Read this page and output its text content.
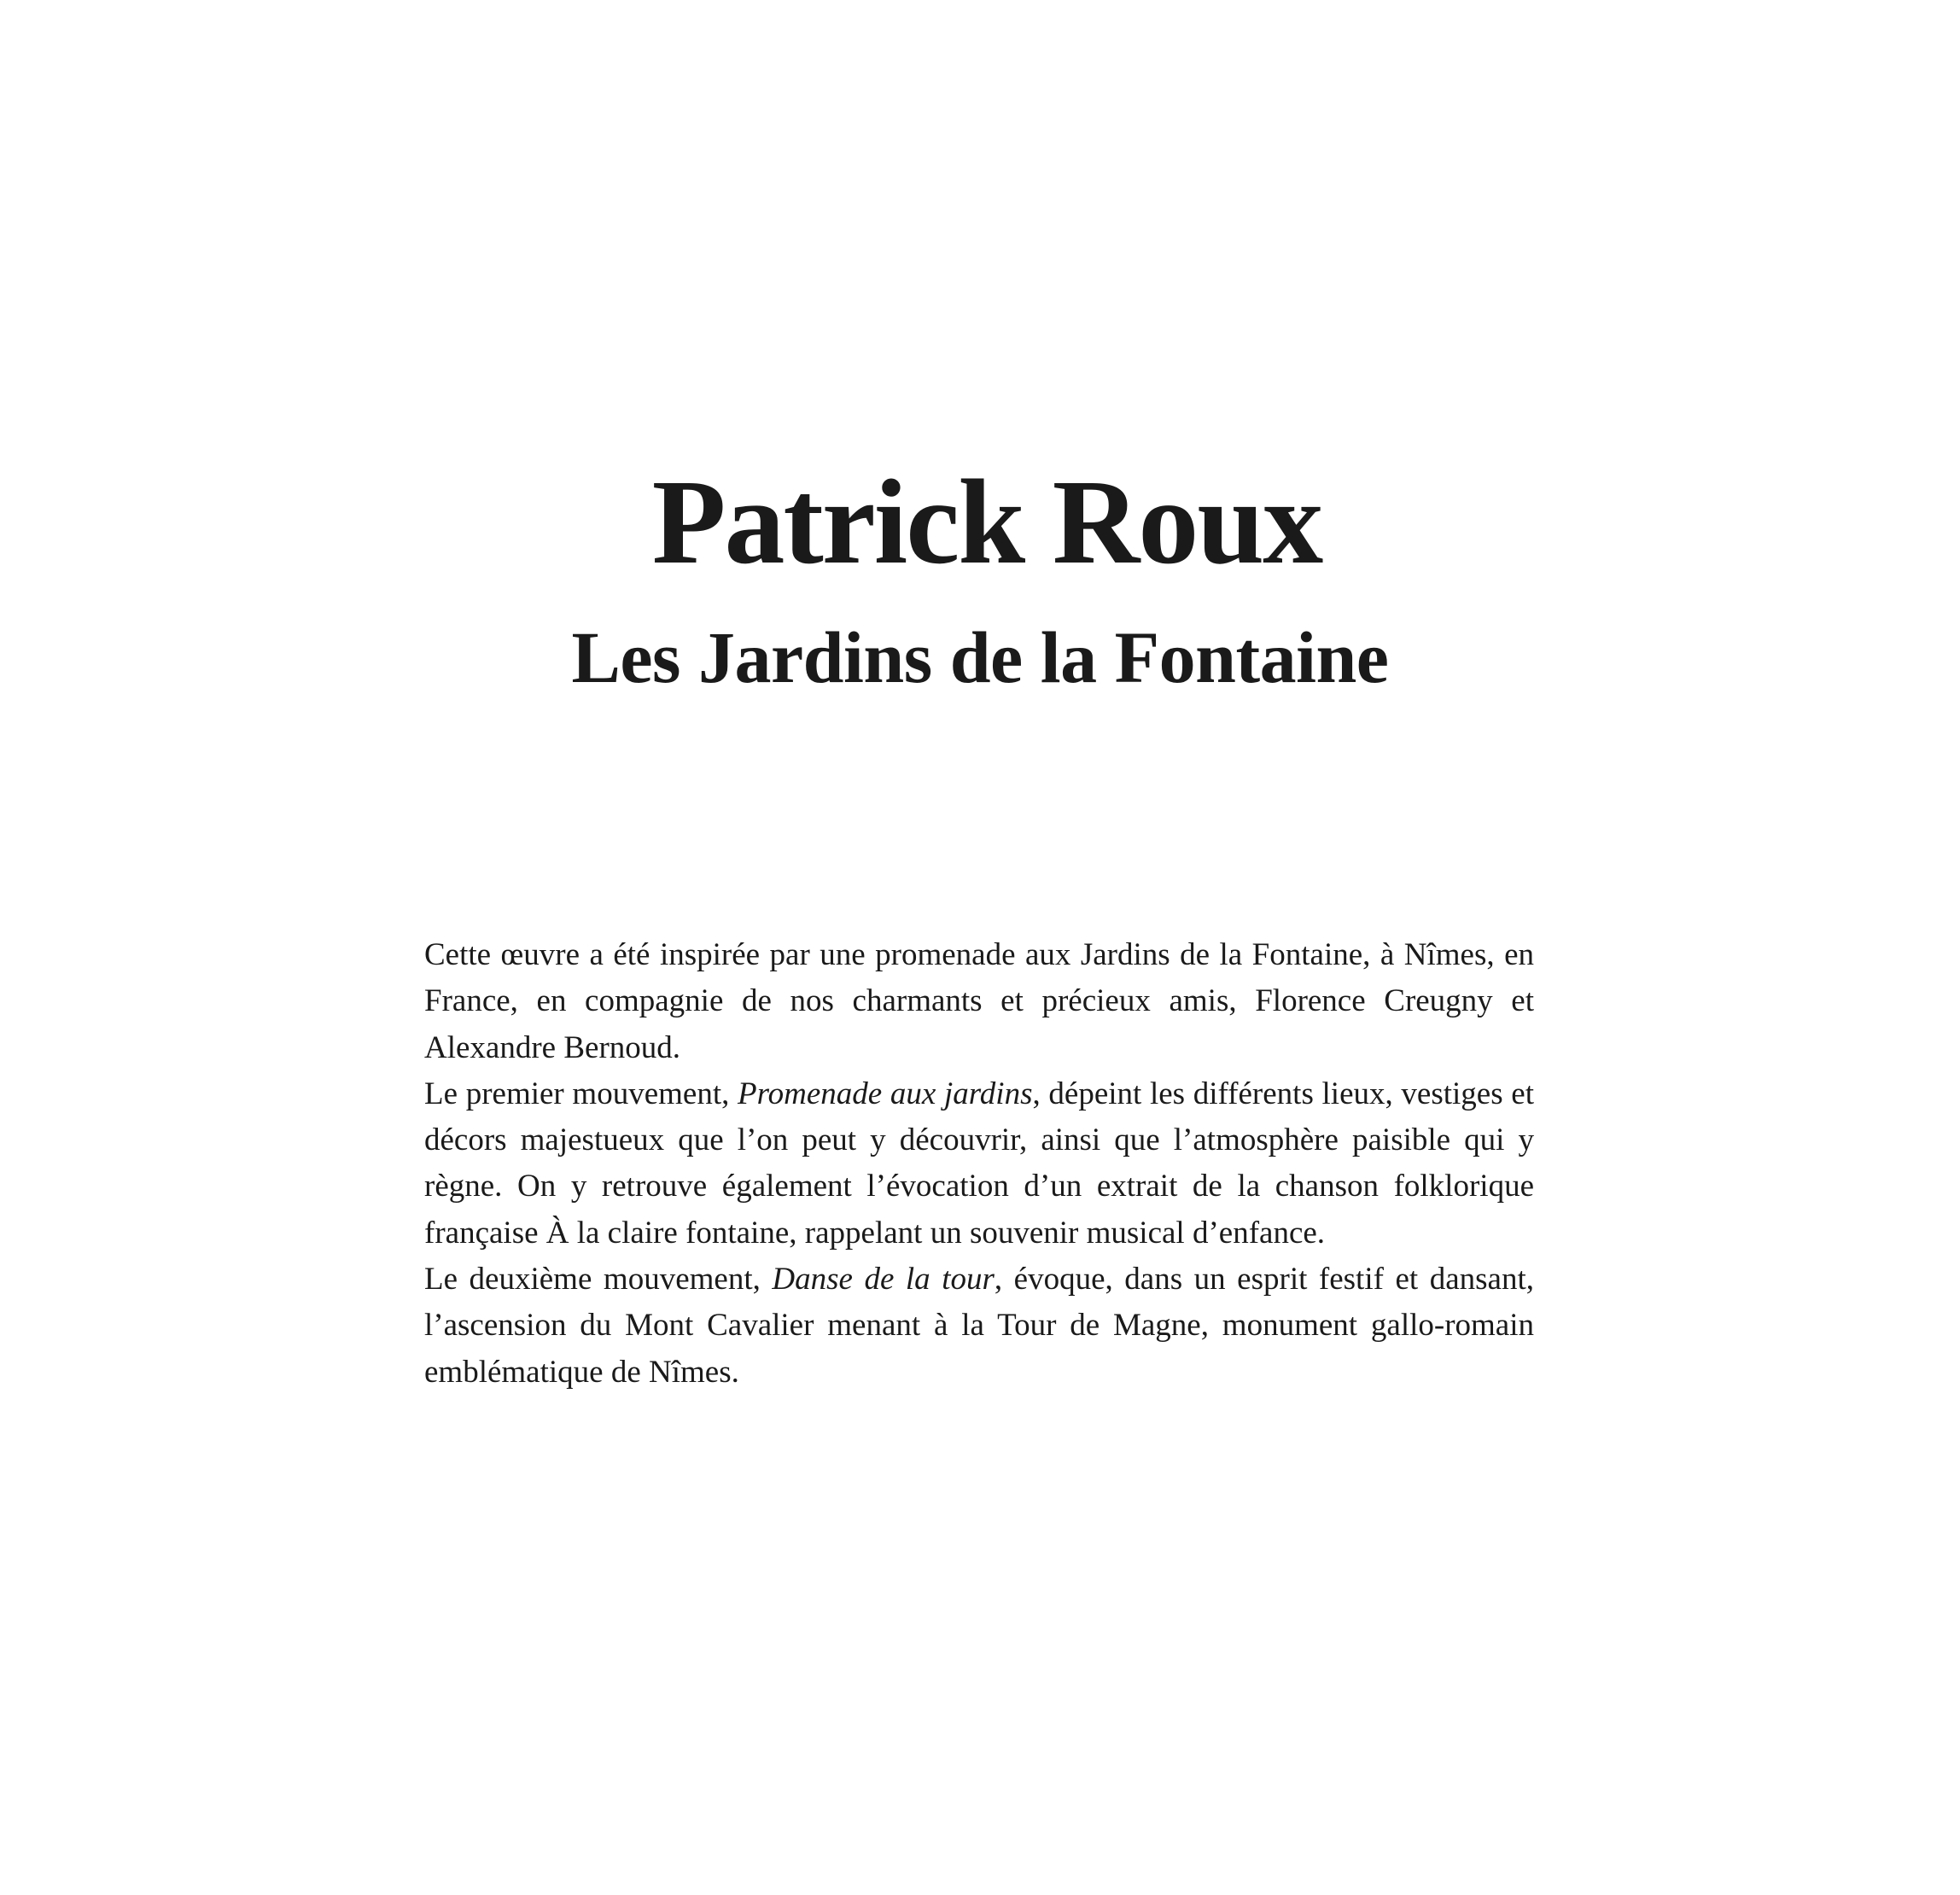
Patrick Roux
Les Jardins de la Fontaine

Cette œuvre a été inspirée par une promenade aux Jardins de la Fontaine, à Nîmes, en France, en compagnie de nos charmants et précieux amis, Florence Creugny et Alexandre Bernoud.

Le premier mouvement, Promenade aux jardins, dépeint les différents lieux, vestiges et décors majestueux que l’on peut y découvrir, ainsi que l’atmosphère paisible qui y règne. On y retrouve également l’évocation d’un extrait de la chanson folklorique française À la claire fontaine, rappelant un souvenir musical d’enfance.

Le deuxième mouvement, Danse de la tour, évoque, dans un esprit festif et dansant, l’ascension du Mont Cavalier menant à la Tour de Magne, monument gallo-romain emblématique de Nîmes.
